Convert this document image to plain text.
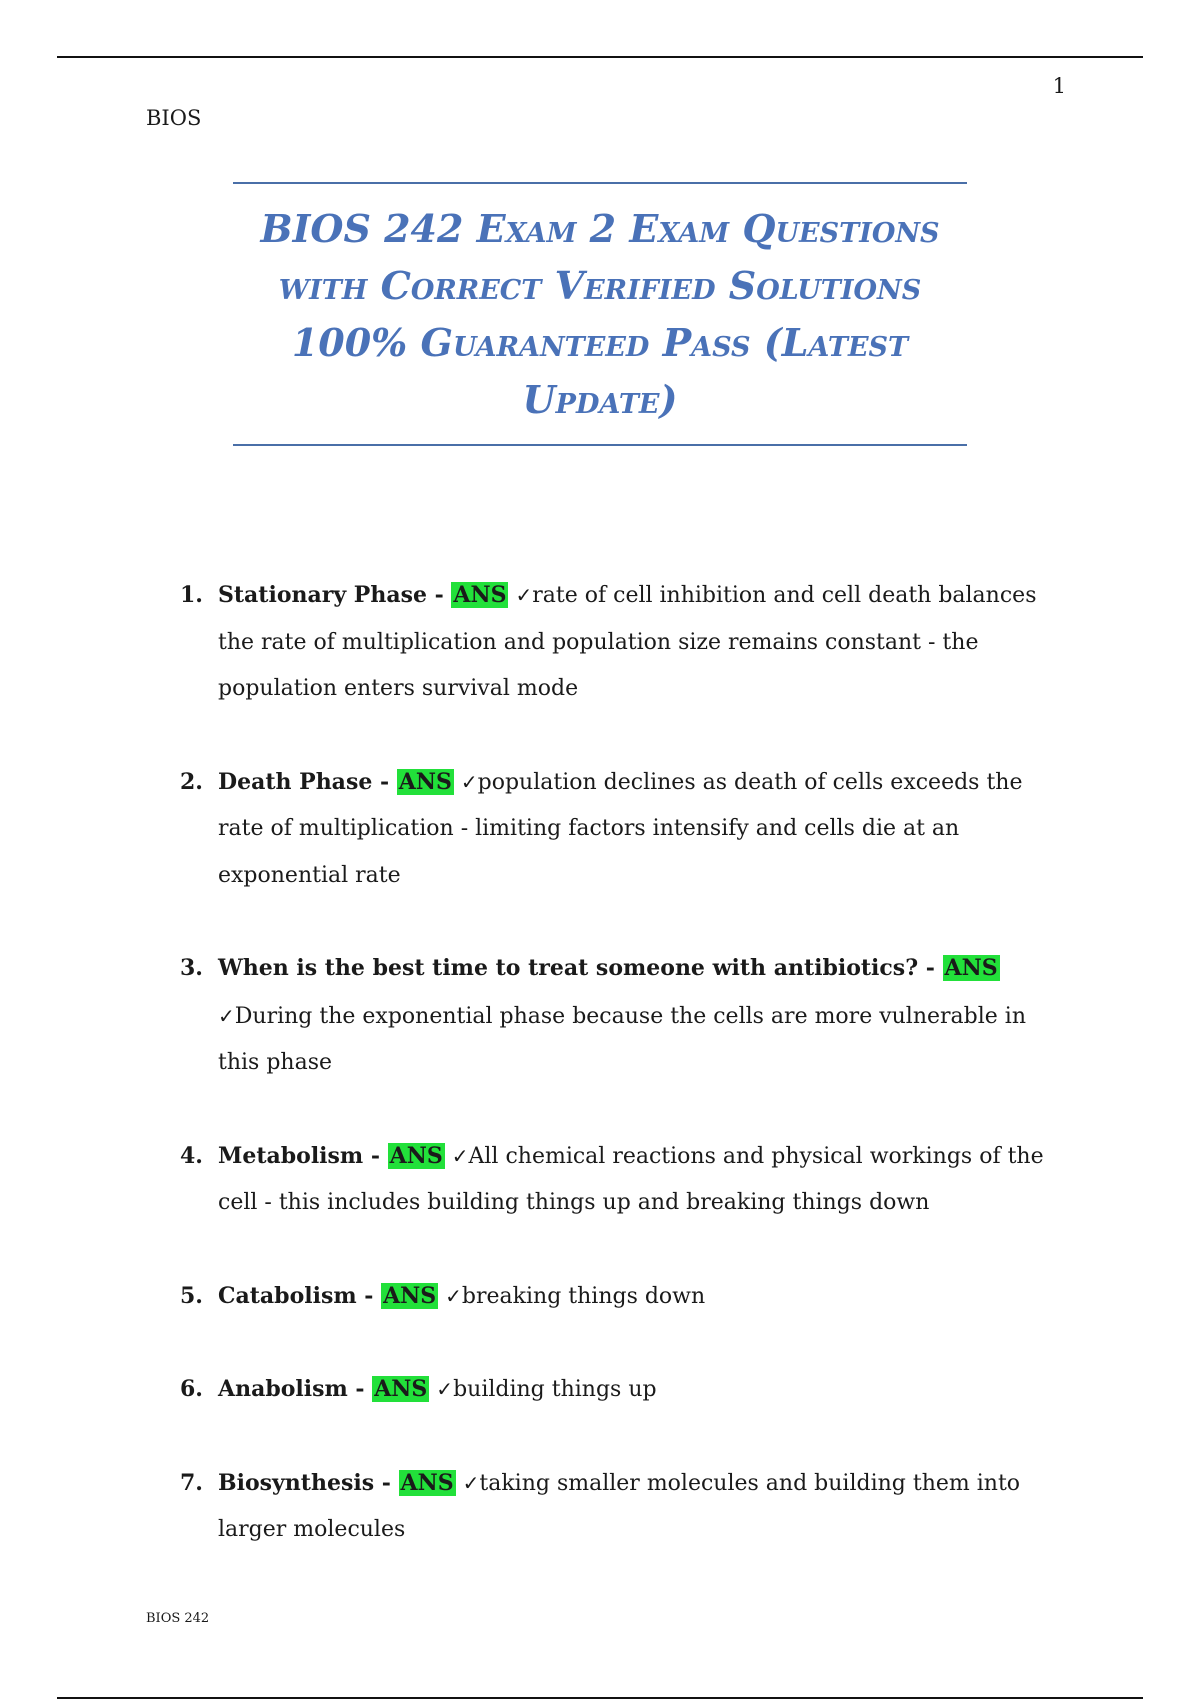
1
BIOS
BIOS 242 Exam 2 Exam Questions
with Correct Verified Solutions
100% Guaranteed Pass (Latest
Update)
1. Stationary Phase - ANS ✓rate of cell inhibition and cell death balances the rate of multiplication and population size remains constant - the population enters survival mode
2. Death Phase - ANS ✓population declines as death of cells exceeds the rate of multiplication - limiting factors intensify and cells die at an exponential rate
3. When is the best time to treat someone with antibiotics? - ANS ✓During the exponential phase because the cells are more vulnerable in this phase
4. Metabolism - ANS ✓All chemical reactions and physical workings of the cell - this includes building things up and breaking things down
5. Catabolism - ANS ✓breaking things down
6. Anabolism - ANS ✓building things up
7. Biosynthesis - ANS ✓taking smaller molecules and building them into larger molecules
BIOS 242
